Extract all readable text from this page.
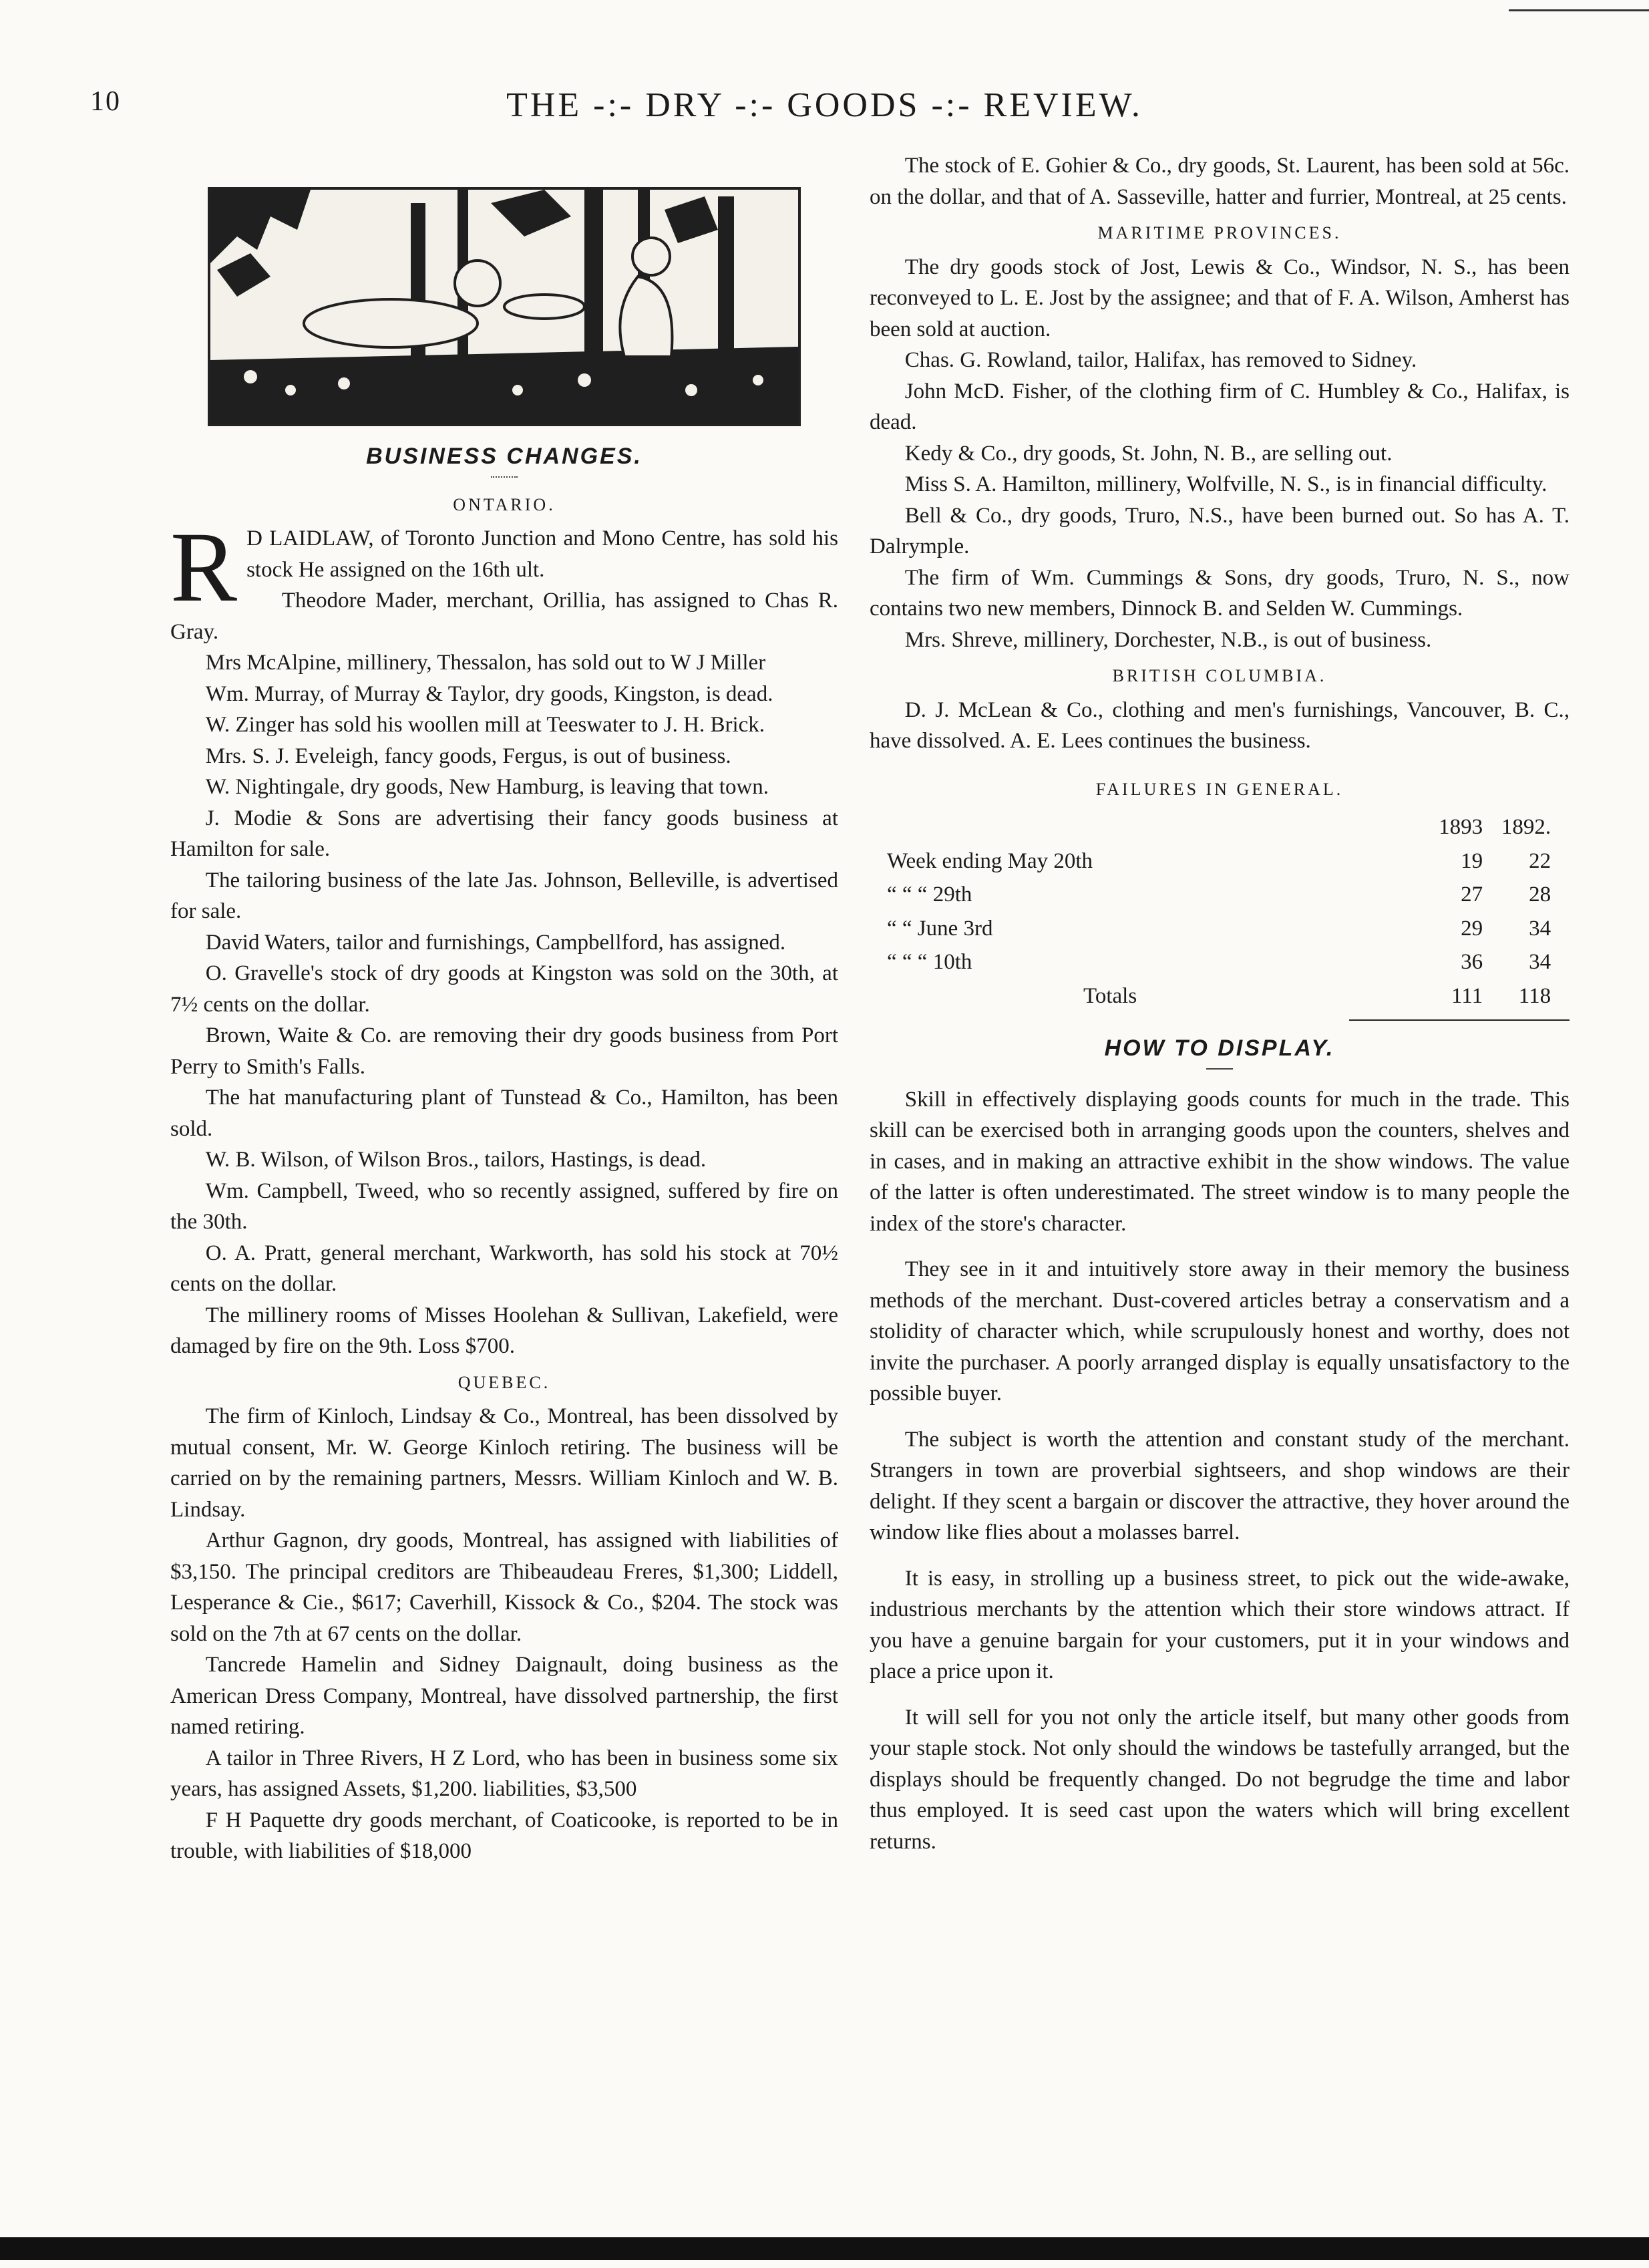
10	THE -:- DRY -:- GOODS -:- REVIEW.
BUSINESS CHANGES.
ONTARIO.

R D LAIDLAW, of Toronto Junction and Mono Centre, has sold his stock He assigned on the 16th ult.

Theodore Mader, merchant, Orillia, has assigned to Chas R. Gray.

Mrs McAlpine, millinery, Thessalon, has sold out to W J Miller

Wm. Murray, of Murray & Taylor, dry goods, Kingston, is dead.

W. Zinger has sold his woollen mill at Teeswater to J. H. Brick.

Mrs. S. J. Eveleigh, fancy goods, Fergus, is out of business.

W. Nightingale, dry goods, New Hamburg, is leaving that town.

J. Modie & Sons are advertising their fancy goods business at Hamilton for sale.

The tailoring business of the late Jas. Johnson, Belleville, is advertised for sale.

David Waters, tailor and furnishings, Campbellford, has assigned.

O. Gravelle's stock of dry goods at Kingston was sold on the 30th, at 7½ cents on the dollar.

Brown, Waite & Co. are removing their dry goods business from Port Perry to Smith's Falls.

The hat manufacturing plant of Tunstead & Co., Hamilton, has been sold.

W. B. Wilson, of Wilson Bros., tailors, Hastings, is dead.

Wm. Campbell, Tweed, who so recently assigned, suffered by fire on the 30th.

O. A. Pratt, general merchant, Warkworth, has sold his stock at 70½ cents on the dollar.

The millinery rooms of Misses Hoolehan & Sullivan, Lakefield, were damaged by fire on the 9th. Loss $700.

QUEBEC.

The firm of Kinloch, Lindsay & Co., Montreal, has been dissolved by mutual consent, Mr. W. George Kinloch retiring. The business will be carried on by the remaining partners, Messrs. William Kinloch and W. B. Lindsay.

Arthur Gagnon, dry goods, Montreal, has assigned with liabilities of $3,150. The principal creditors are Thibeaudeau Freres, $1,300; Liddell, Lesperance & Cie., $617; Caverhill, Kissock & Co., $204. The stock was sold on the 7th at 67 cents on the dollar.

Tancrede Hamelin and Sidney Daignault, doing business as the American Dress Company, Montreal, have dissolved partnership, the first named retiring.

A tailor in Three Rivers, H Z Lord, who has been in business some six years, has assigned Assets, $1,200. liabilities, $3,500

F H Paquette dry goods merchant, of Coaticooke, is reported to be in trouble, with liabilities of $18,000

The stock of E. Gohier & Co., dry goods, St. Laurent, has been sold at 56c. on the dollar, and that of A. Sasseville, hatter and furrier, Montreal, at 25 cents.

MARITIME PROVINCES.

The dry goods stock of Jost, Lewis & Co., Windsor, N. S., has been reconveyed to L. E. Jost by the assignee; and that of F. A. Wilson, Amherst has been sold at auction.

Chas. G. Rowland, tailor, Halifax, has removed to Sidney.

John McD. Fisher, of the clothing firm of C. Humbley & Co., Halifax, is dead.

Kedy & Co., dry goods, St. John, N. B., are selling out.

Miss S. A. Hamilton, millinery, Wolfville, N. S., is in financial difficulty.

Bell & Co., dry goods, Truro, N.S., have been burned out. So has A. T. Dalrymple.

The firm of Wm. Cummings & Sons, dry goods, Truro, N. S., now contains two new members, Dinnock B. and Selden W. Cummings.

Mrs. Shreve, millinery, Dorchester, N.B., is out of business.

BRITISH COLUMBIA.

D. J. McLean & Co., clothing and men's furnishings, Vancouver, B. C., have dissolved. A. E. Lees continues the business.

FAILURES IN GENERAL.
	1893	1892.
Week ending May 20th	19	22
“ “ “ 29th	27	28
“ “ June 3rd	29	34
“ “ “ 10th	36	34
Totals	111	118
HOW TO DISPLAY.

Skill in effectively displaying goods counts for much in the trade. This skill can be exercised both in arranging goods upon the counters, shelves and in cases, and in making an attractive exhibit in the show windows. The value of the latter is often underestimated. The street window is to many people the index of the store's character.

They see in it and intuitively store away in their memory the business methods of the merchant. Dust-covered articles betray a conservatism and a stolidity of character which, while scrupulously honest and worthy, does not invite the purchaser. A poorly arranged display is equally unsatisfactory to the possible buyer.

The subject is worth the attention and constant study of the merchant. Strangers in town are proverbial sightseers, and shop windows are their delight. If they scent a bargain or discover the attractive, they hover around the window like flies about a molasses barrel.

It is easy, in strolling up a business street, to pick out the wide-awake, industrious merchants by the attention which their store windows attract. If you have a genuine bargain for your customers, put it in your windows and place a price upon it.

It will sell for you not only the article itself, but many other goods from your staple stock. Not only should the windows be tastefully arranged, but the displays should be frequently changed. Do not begrudge the time and labor thus employed. It is seed cast upon the waters which will bring excellent returns.
